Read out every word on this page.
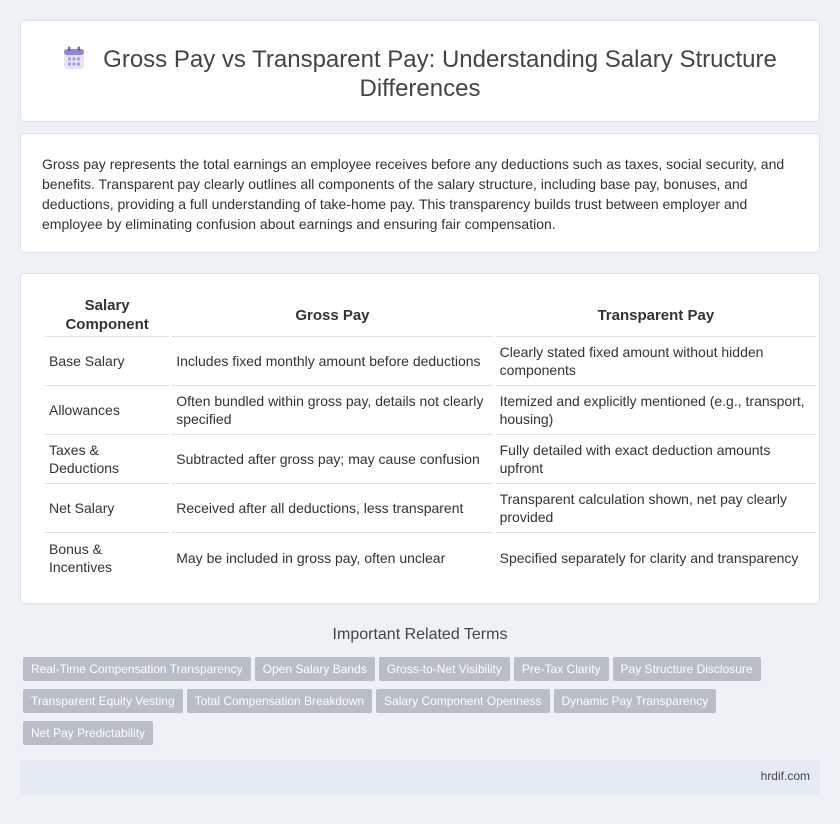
Gross Pay vs Transparent Pay: Understanding Salary Structure Differences

Gross pay represents the total earnings an employee receives before any deductions such as taxes, social security, and benefits. Transparent pay clearly outlines all components of the salary structure, including base pay, bonuses, and deductions, providing a full understanding of take-home pay. This transparency builds trust between employer and employee by eliminating confusion about earnings and ensuring fair compensation.

Salary Component	Gross Pay	Transparent Pay
Base Salary	Includes fixed monthly amount before deductions	Clearly stated fixed amount without hidden components
Allowances	Often bundled within gross pay, details not clearly specified	Itemized and explicitly mentioned (e.g., transport, housing)
Taxes & Deductions	Subtracted after gross pay; may cause confusion	Fully detailed with exact deduction amounts upfront
Net Salary	Received after all deductions, less transparent	Transparent calculation shown, net pay clearly provided
Bonus & Incentives	May be included in gross pay, often unclear	Specified separately for clarity and transparency
Important Related Terms
Real-Time Compensation Transparency Open Salary Bands Gross-to-Net Visibility Pre-Tax Clarity Pay Structure Disclosure
Transparent Equity Vesting Total Compensation Breakdown Salary Component Openness Dynamic Pay Transparency
Net Pay Predictability
hrdif.com
